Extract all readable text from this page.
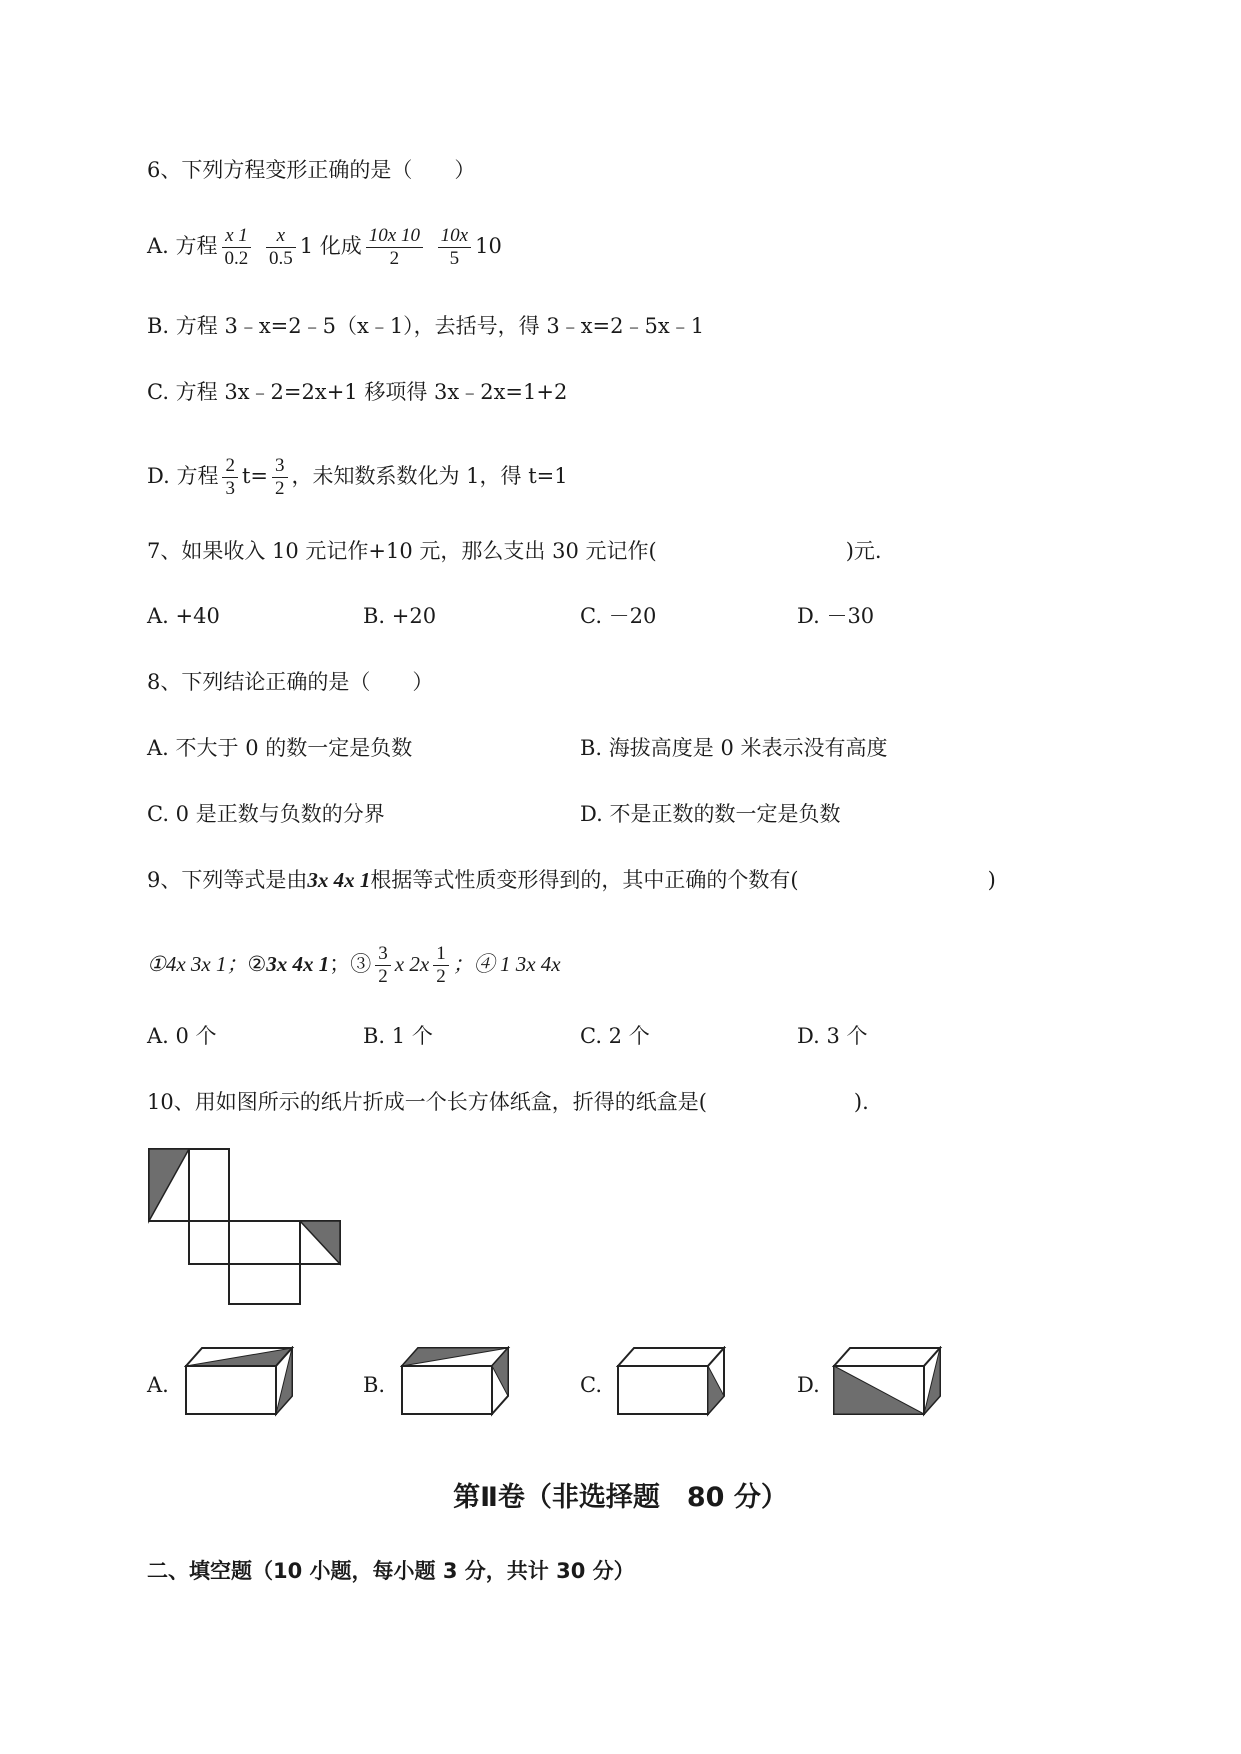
6、下列方程变形正确的是（　　）
A. 方程 $\frac{x 1}{0.2}$
$\frac{x}{0.5} 1$ 化成 $\frac{10x 10}{2}$
$\frac{10x}{5} 10$
B. 方程 3﹣x=2﹣5（x﹣1），去括号，得 3﹣x=2﹣5x﹣1
C. 方程 3x﹣2=2x+1 移项得 3x﹣2x=1+2
D. 方程 $\frac{2}{3} t= \frac{3}{2}$ ，未知数系数化为 1，得 t=1
7、如果收入 10 元记作+10 元，那么支出 30 元记作(　　　　　　　　　)元.
A. +40	B. +20	C. －20	D. －30
8、下列结论正确的是（　　）
A. 不大于 0 的数一定是负数	B. 海拔高度是 0 米表示没有高度
C. 0 是正数与负数的分界	D. 不是正数的数一定是负数
9、下列等式是由3x 4x 1根据等式性质变形得到的，其中正确的个数有(　　　　　　　　　)
①4x 3x 1；②3x 4x 1；③ $\frac{3}{2}$ x $2x \frac{1}{2}$ ；④ 1 3x 4x
A. 0 个	B. 1 个	C. 2 个	D. 3 个
10、用如图所示的纸片折成一个长方体纸盒，折得的纸盒是(　　　　　　　).
A.	B.	C.	D.
第Ⅱ卷（非选择题　80 分）
二、填空题（10 小题，每小题 3 分，共计 30 分）
